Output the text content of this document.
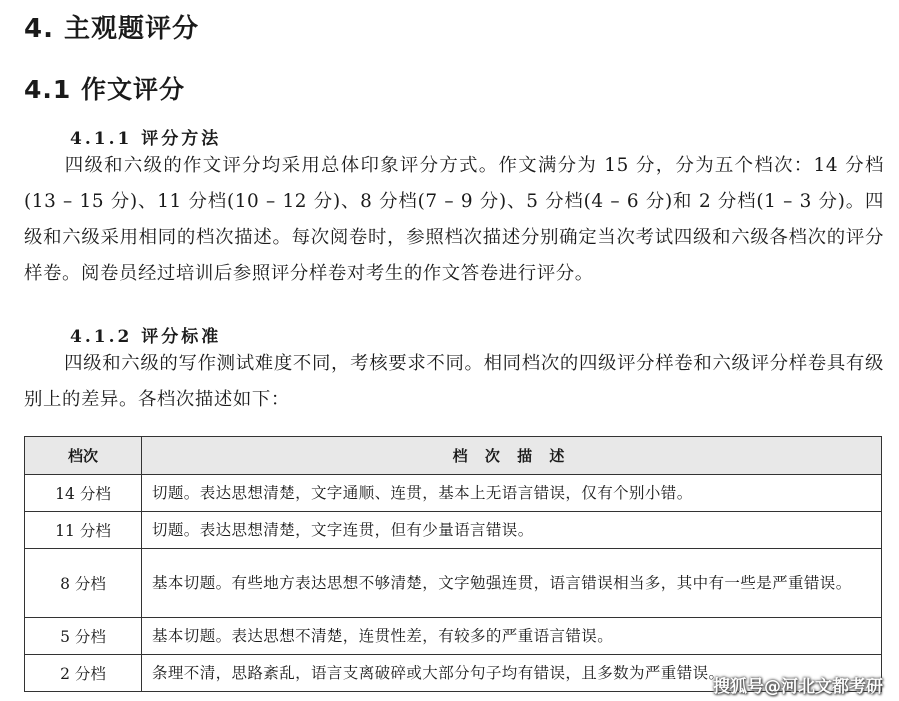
4. 主观题评分
4.1 作文评分
4.1.1 评分方法

四级和六级的作文评分均采用总体印象评分方式。作文满分为 15 分，分为五个档次：14 分档(13 – 15 分)、11 分档(10 – 12 分)、8 分档(7 – 9 分)、5 分档(4 – 6 分)和 2 分档(1 – 3 分)。四级和六级采用相同的档次描述。每次阅卷时，参照档次描述分别确定当次考试四级和六级各档次的评分样卷。阅卷员经过培训后参照评分样卷对考生的作文答卷进行评分。

4.1.2 评分标准

四级和六级的写作测试难度不同，考核要求不同。相同档次的四级评分样卷和六级评分样卷具有级别上的差异。各档次描述如下：

档次	档 次 描 述
14 分档	切题。表达思想清楚，文字通顺、连贯，基本上无语言错误，仅有个别小错。
11 分档	切题。表达思想清楚，文字连贯，但有少量语言错误。
8 分档	基本切题。有些地方表达思想不够清楚，文字勉强连贯，语言错误相当多，其中有一些是严重错误。
5 分档	基本切题。表达思想不清楚，连贯性差，有较多的严重语言错误。
2 分档	条理不清，思路紊乱，语言支离破碎或大部分句子均有错误，且多数为严重错误。
搜狐号@河北文都考研
